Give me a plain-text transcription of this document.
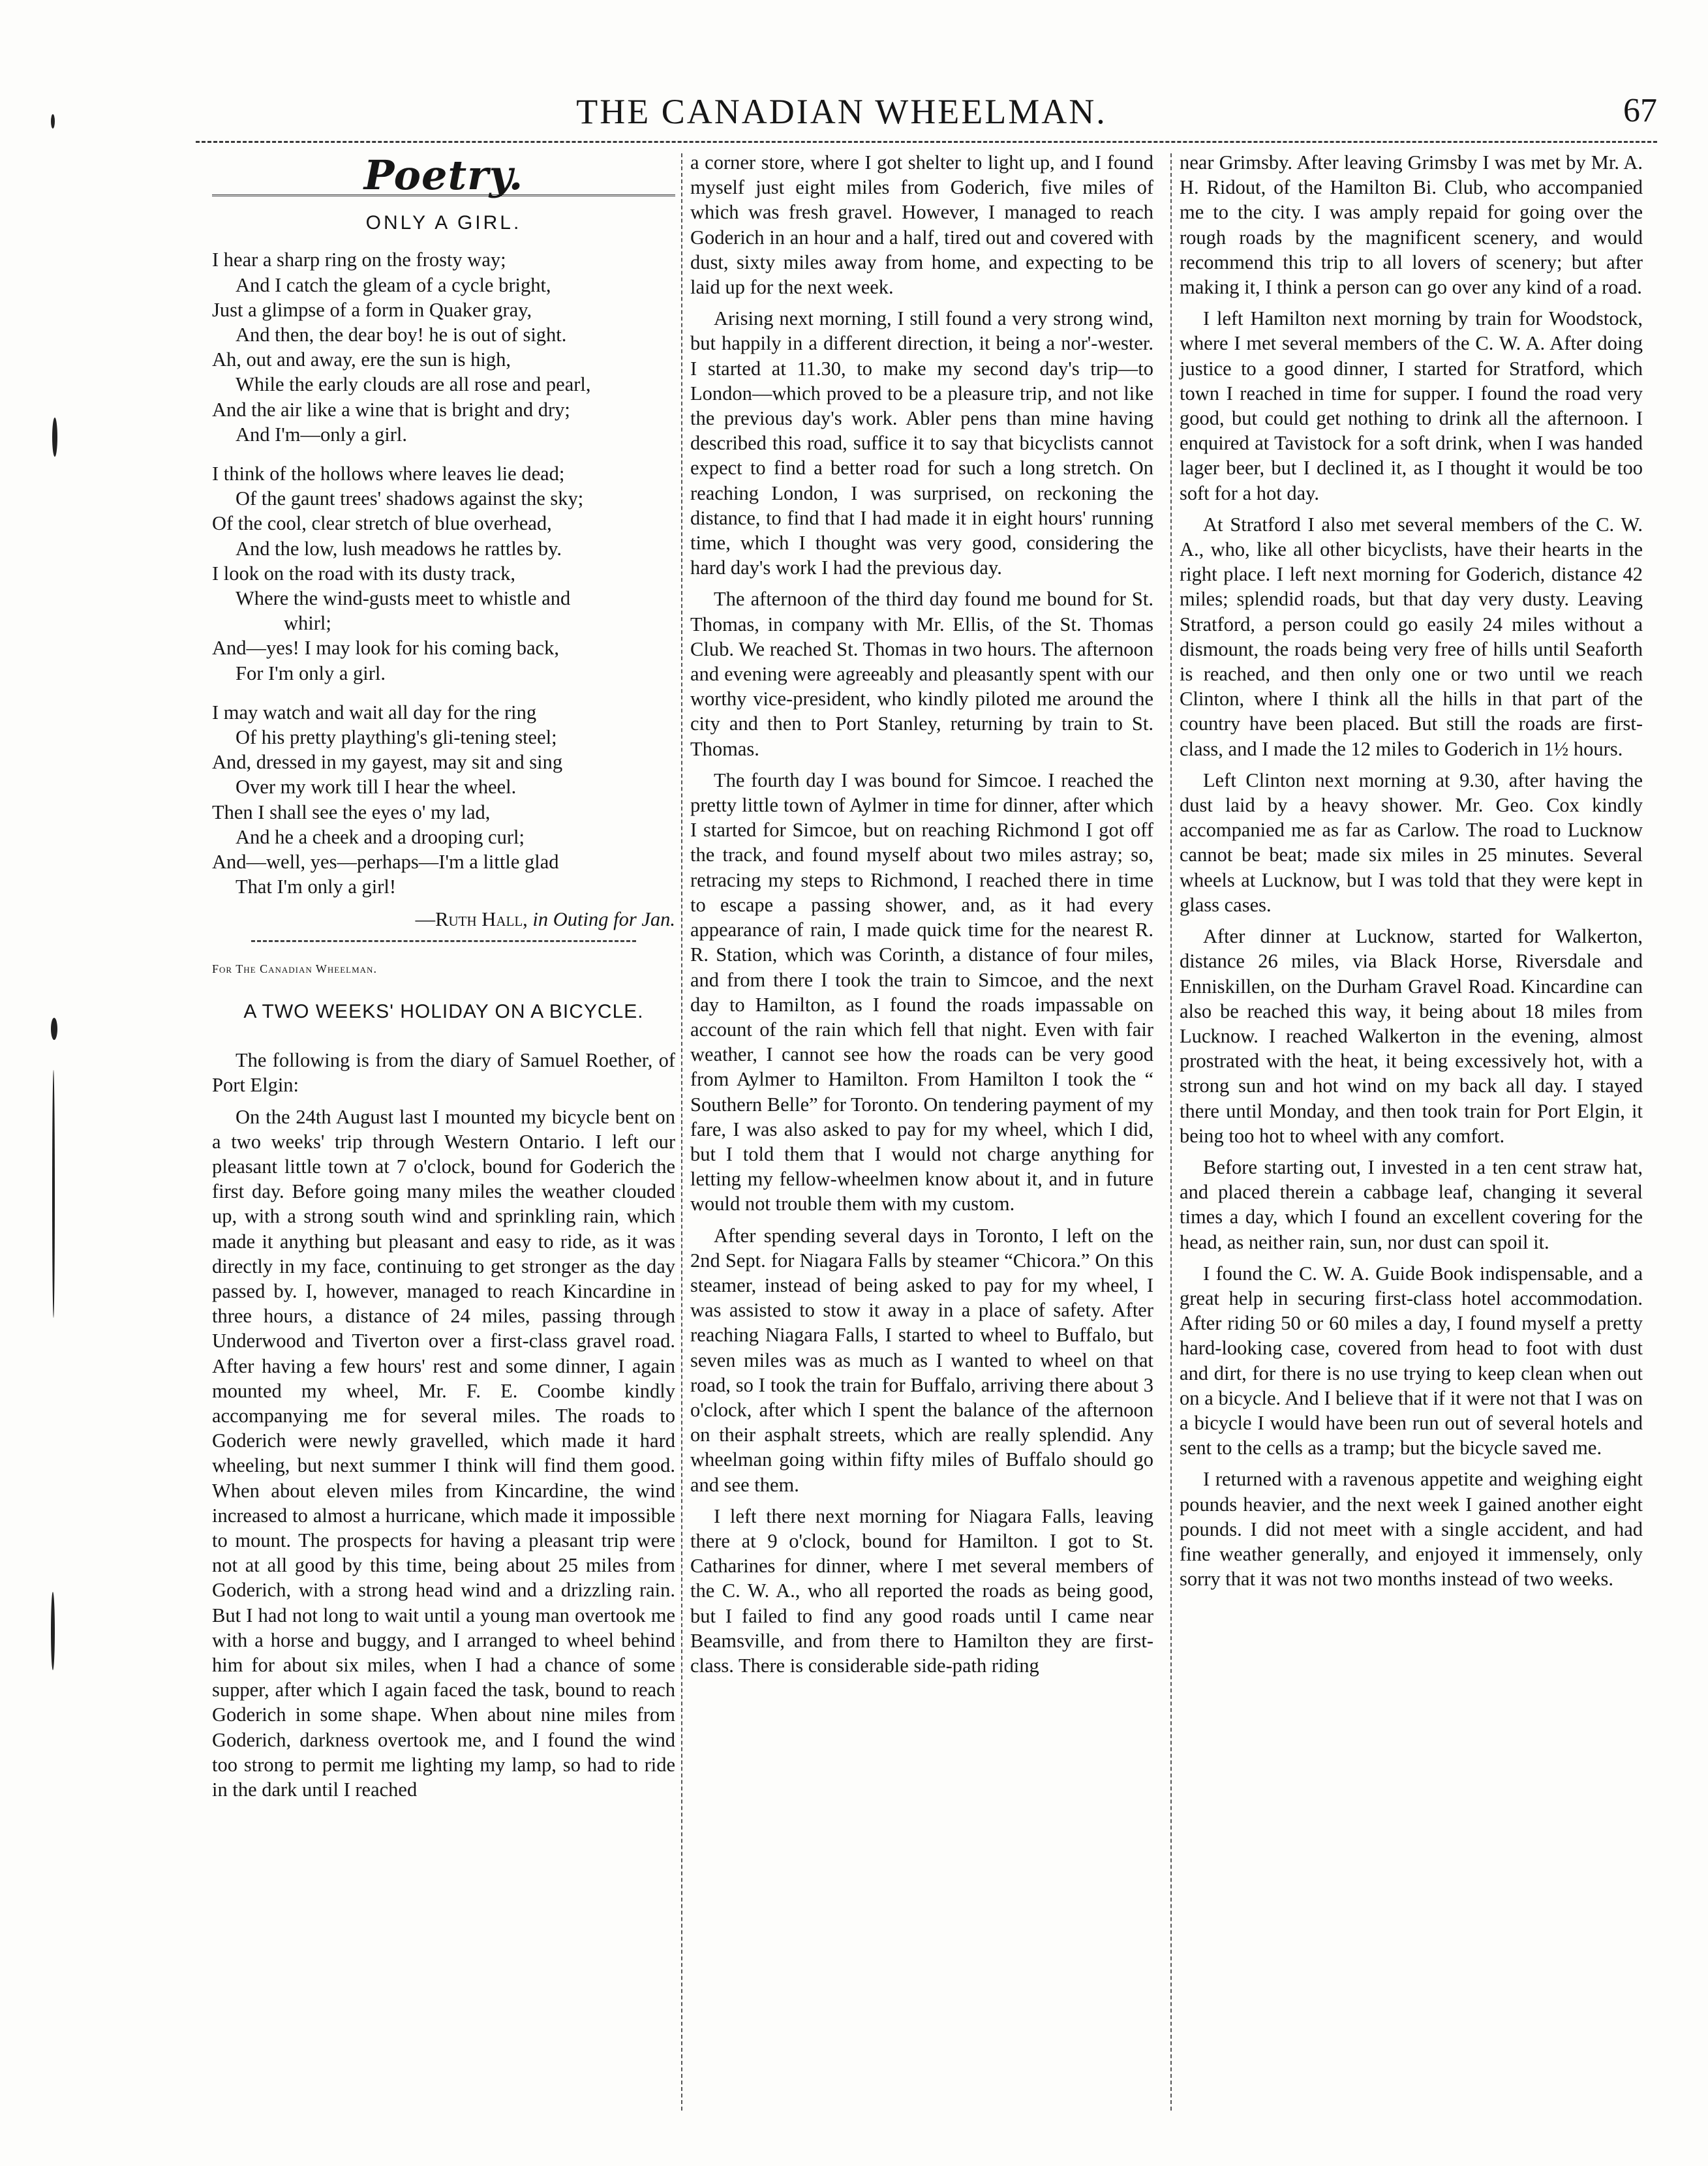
THE CANADIAN WHEELMAN.	67
Poetry.
ONLY A GIRL.
I hear a sharp ring on the frosty way;
And I catch the gleam of a cycle bright,
Just a glimpse of a form in Quaker gray,
And then, the dear boy! he is out of sight.
Ah, out and away, ere the sun is high,
While the early clouds are all rose and pearl,
And the air like a wine that is bright and dry;
And I'm—only a girl.
I think of the hollows where leaves lie dead;
Of the gaunt trees' shadows against the sky;
Of the cool, clear stretch of blue overhead,
And the low, lush meadows he rattles by.
I look on the road with its dusty track,
Where the wind-gusts meet to whistle and
whirl;
And—yes! I may look for his coming back,
For I'm only a girl.
I may watch and wait all day for the ring
Of his pretty plaything's gli-tening steel;
And, dressed in my gayest, may sit and sing
Over my work till I hear the wheel.
Then I shall see the eyes o' my lad,
And he a cheek and a drooping curl;
And—well, yes—perhaps—I'm a little glad
That I'm only a girl!
—Ruth Hall, in Outing for Jan.
For The Canadian Wheelman.
A TWO WEEKS' HOLIDAY ON A BICYCLE.

The following is from the diary of Samuel Roether, of Port Elgin:

On the 24th August last I mounted my bicycle bent on a two weeks' trip through Western Ontario. I left our pleasant little town at 7 o'clock, bound for Goderich the first day. Before going many miles the weather clouded up, with a strong south wind and sprinkling rain, which made it anything but pleasant and easy to ride, as it was directly in my face, continuing to get stronger as the day passed by. I, however, managed to reach Kincardine in three hours, a distance of 24 miles, passing through Underwood and Tiverton over a first-class gravel road. After having a few hours' rest and some dinner, I again mounted my wheel, Mr. F. E. Coombe kindly accompanying me for several miles. The roads to Goderich were newly gravelled, which made it hard wheeling, but next summer I think will find them good. When about eleven miles from Kincardine, the wind increased to almost a hurricane, which made it impossible to mount. The prospects for having a pleasant trip were not at all good by this time, being about 25 miles from Goderich, with a strong head wind and a drizzling rain. But I had not long to wait until a young man overtook me with a horse and buggy, and I arranged to wheel behind him for about six miles, when I had a chance of some supper, after which I again faced the task, bound to reach Goderich in some shape. When about nine miles from Goderich, darkness overtook me, and I found the wind too strong to permit me lighting my lamp, so had to ride in the dark until I reached

a corner store, where I got shelter to light up, and I found myself just eight miles from Goderich, five miles of which was fresh gravel. However, I managed to reach Goderich in an hour and a half, tired out and covered with dust, sixty miles away from home, and expecting to be laid up for the next week.

Arising next morning, I still found a very strong wind, but happily in a different direction, it being a nor'-wester. I started at 11.30, to make my second day's trip—to London—which proved to be a pleasure trip, and not like the previous day's work. Abler pens than mine having described this road, suffice it to say that bicyclists cannot expect to find a better road for such a long stretch. On reaching London, I was surprised, on reckoning the distance, to find that I had made it in eight hours' running time, which I thought was very good, considering the hard day's work I had the previous day.

The afternoon of the third day found me bound for St. Thomas, in company with Mr. Ellis, of the St. Thomas Club. We reached St. Thomas in two hours. The afternoon and evening were agreeably and pleasantly spent with our worthy vice-president, who kindly piloted me around the city and then to Port Stanley, returning by train to St. Thomas.

The fourth day I was bound for Simcoe. I reached the pretty little town of Aylmer in time for dinner, after which I started for Simcoe, but on reaching Richmond I got off the track, and found myself about two miles astray; so, retracing my steps to Richmond, I reached there in time to escape a passing shower, and, as it had every appearance of rain, I made quick time for the nearest R. R. Station, which was Corinth, a distance of four miles, and from there I took the train to Simcoe, and the next day to Hamilton, as I found the roads impassable on account of the rain which fell that night. Even with fair weather, I cannot see how the roads can be very good from Aylmer to Hamilton. From Hamilton I took the “ Southern Belle” for Toronto. On tendering payment of my fare, I was also asked to pay for my wheel, which I did, but I told them that I would not charge anything for letting my fellow-wheelmen know about it, and in future would not trouble them with my custom.

After spending several days in Toronto, I left on the 2nd Sept. for Niagara Falls by steamer “Chicora.” On this steamer, instead of being asked to pay for my wheel, I was assisted to stow it away in a place of safety. After reaching Niagara Falls, I started to wheel to Buffalo, but seven miles was as much as I wanted to wheel on that road, so I took the train for Buffalo, arriving there about 3 o'clock, after which I spent the balance of the afternoon on their asphalt streets, which are really splendid. Any wheelman going within fifty miles of Buffalo should go and see them.

I left there next morning for Niagara Falls, leaving there at 9 o'clock, bound for Hamilton. I got to St. Catharines for dinner, where I met several members of the C. W. A., who all reported the roads as being good, but I failed to find any good roads until I came near Beamsville, and from there to Hamilton they are first-class. There is considerable side-path riding

near Grimsby. After leaving Grimsby I was met by Mr. A. H. Ridout, of the Hamilton Bi. Club, who accompanied me to the city. I was amply repaid for going over the rough roads by the magnificent scenery, and would recommend this trip to all lovers of scenery; but after making it, I think a person can go over any kind of a road.

I left Hamilton next morning by train for Woodstock, where I met several members of the C. W. A. After doing justice to a good dinner, I started for Stratford, which town I reached in time for supper. I found the road very good, but could get nothing to drink all the afternoon. I enquired at Tavistock for a soft drink, when I was handed lager beer, but I declined it, as I thought it would be too soft for a hot day.

At Stratford I also met several members of the C. W. A., who, like all other bicyclists, have their hearts in the right place. I left next morning for Goderich, distance 42 miles; splendid roads, but that day very dusty. Leaving Stratford, a person could go easily 24 miles without a dismount, the roads being very free of hills until Seaforth is reached, and then only one or two until we reach Clinton, where I think all the hills in that part of the country have been placed. But still the roads are first-class, and I made the 12 miles to Goderich in 1½ hours.

Left Clinton next morning at 9.30, after having the dust laid by a heavy shower. Mr. Geo. Cox kindly accompanied me as far as Carlow. The road to Lucknow cannot be beat; made six miles in 25 minutes. Several wheels at Lucknow, but I was told that they were kept in glass cases.

After dinner at Lucknow, started for Walkerton, distance 26 miles, via Black Horse, Riversdale and Enniskillen, on the Durham Gravel Road. Kincardine can also be reached this way, it being about 18 miles from Lucknow. I reached Walkerton in the evening, almost prostrated with the heat, it being excessively hot, with a strong sun and hot wind on my back all day. I stayed there until Monday, and then took train for Port Elgin, it being too hot to wheel with any comfort.

Before starting out, I invested in a ten cent straw hat, and placed therein a cabbage leaf, changing it several times a day, which I found an excellent covering for the head, as neither rain, sun, nor dust can spoil it.

I found the C. W. A. Guide Book indispensable, and a great help in securing first-class hotel accommodation. After riding 50 or 60 miles a day, I found myself a pretty hard-looking case, covered from head to foot with dust and dirt, for there is no use trying to keep clean when out on a bicycle. And I believe that if it were not that I was on a bicycle I would have been run out of several hotels and sent to the cells as a tramp; but the bicycle saved me.

I returned with a ravenous appetite and weighing eight pounds heavier, and the next week I gained another eight pounds. I did not meet with a single accident, and had fine weather generally, and enjoyed it immensely, only sorry that it was not two months instead of two weeks.
